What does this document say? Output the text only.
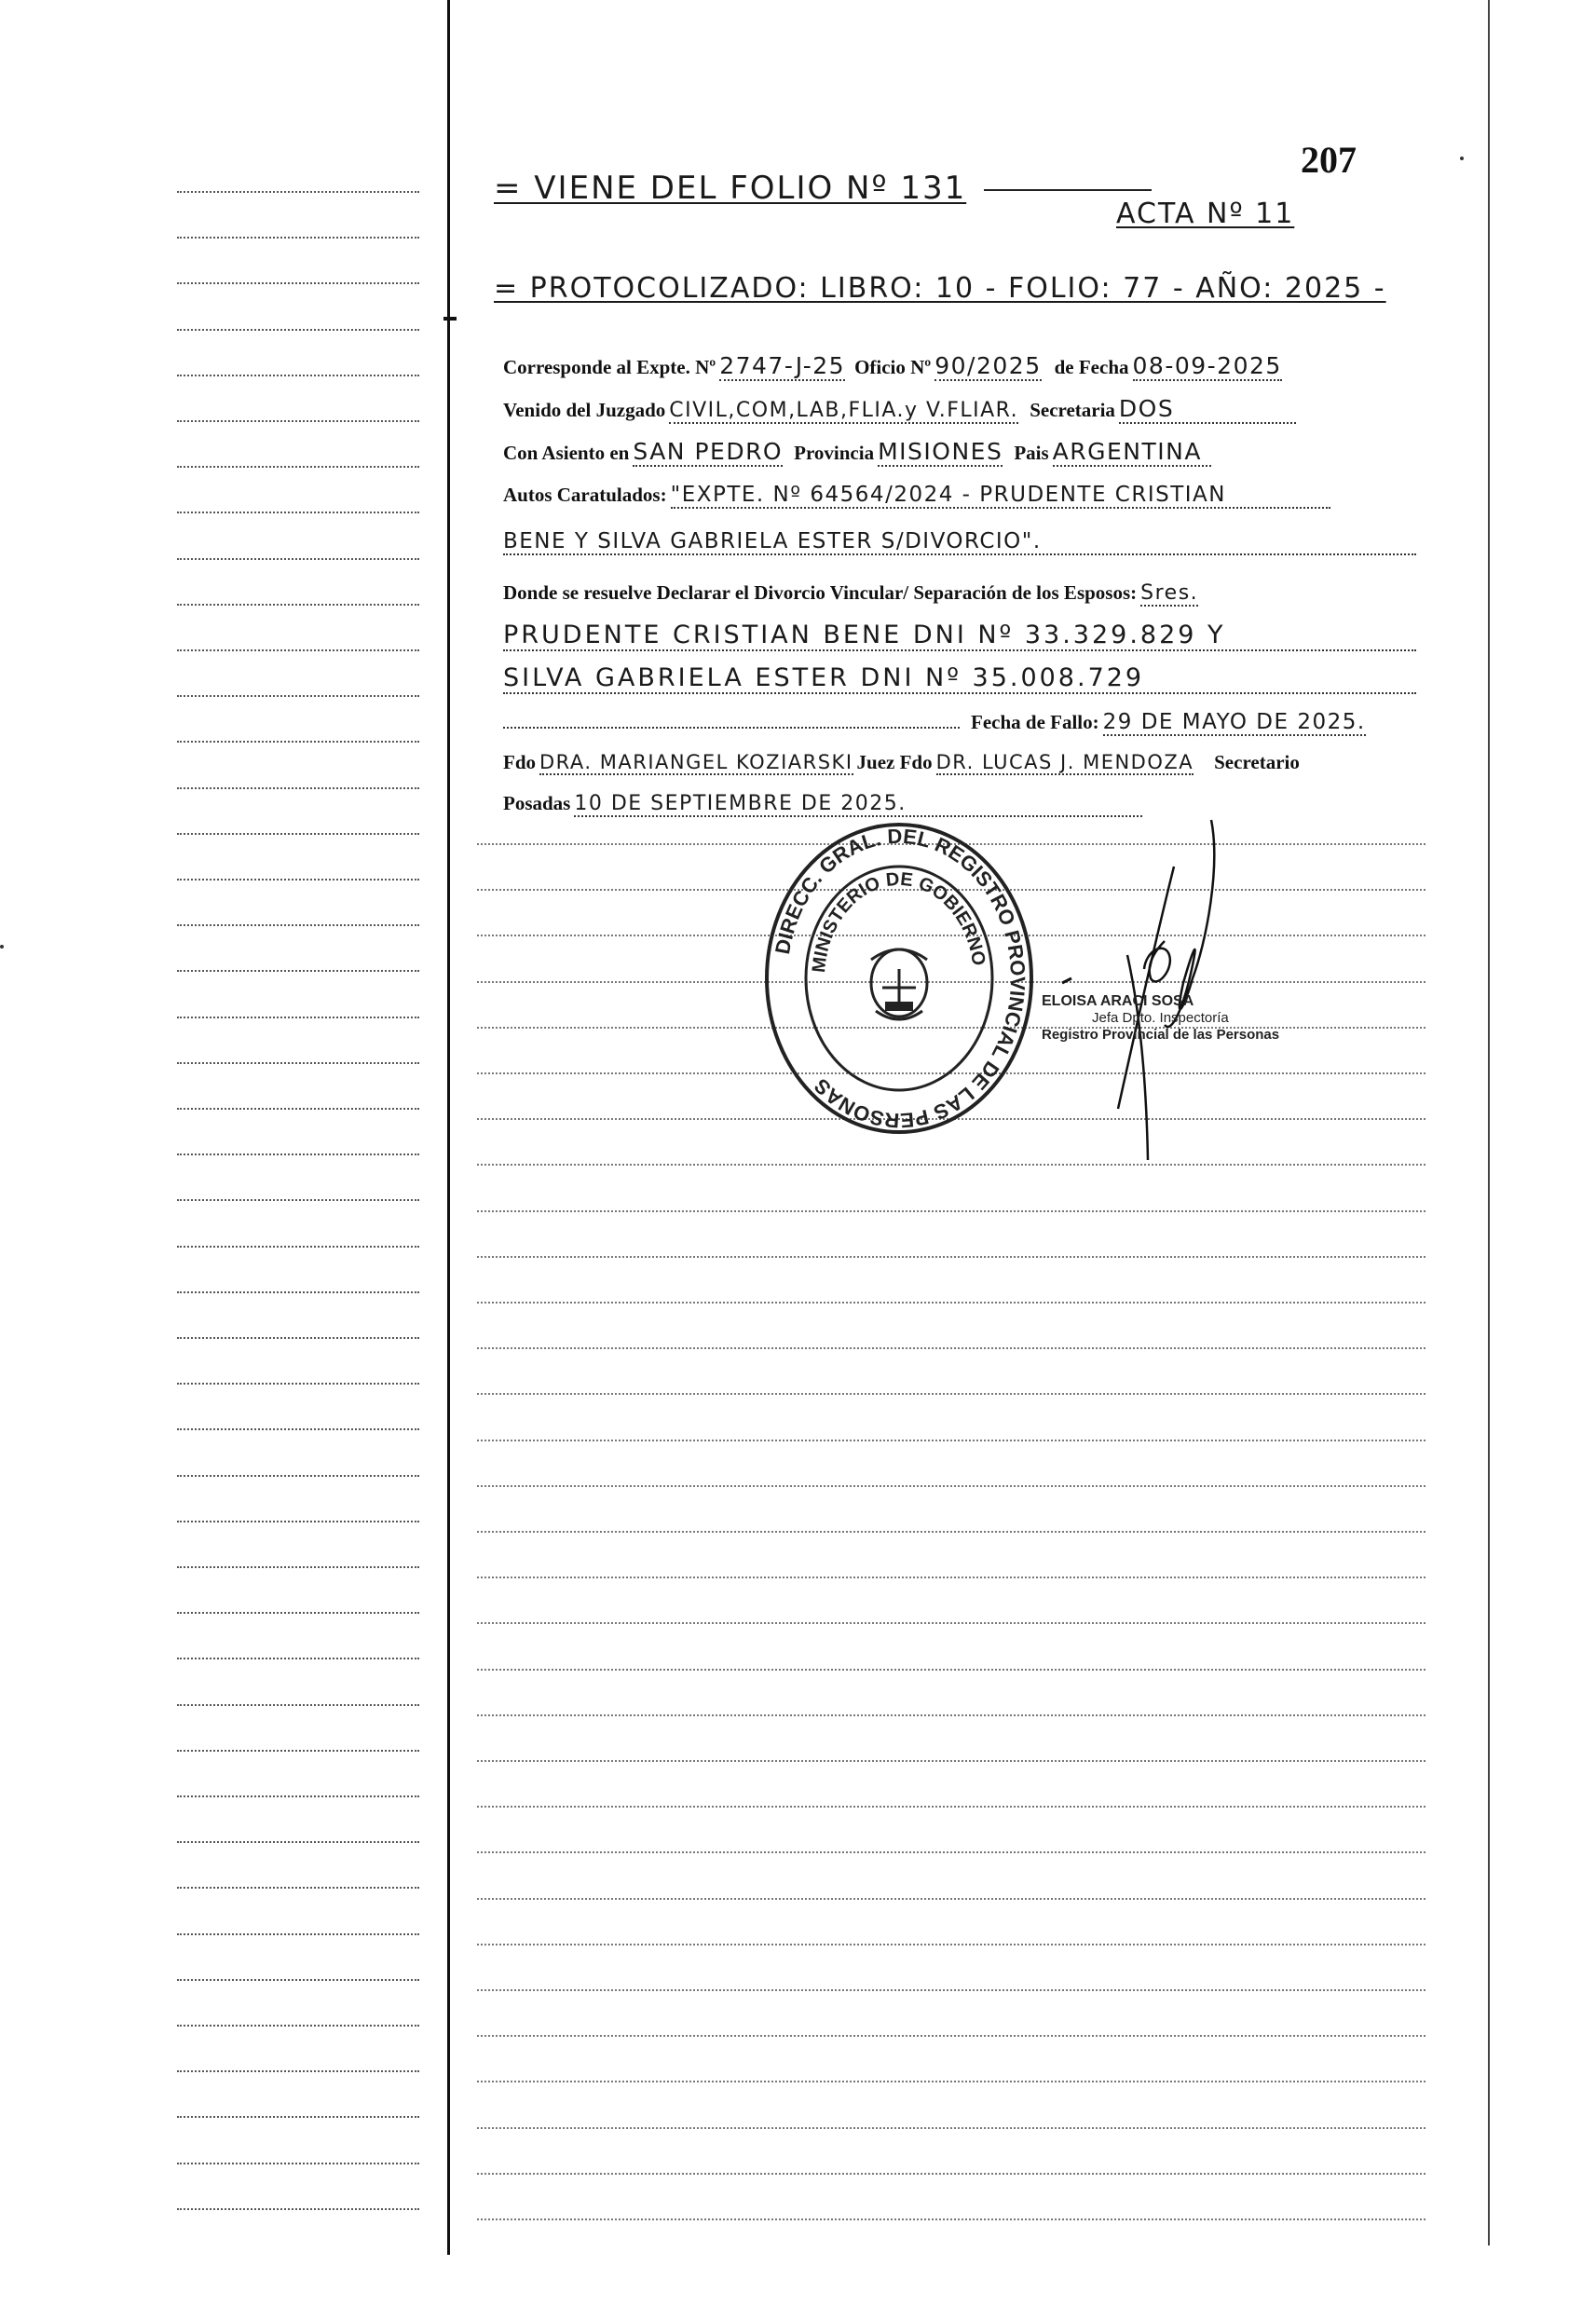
207
= VIENE DEL FOLIO Nº 131
ACTA Nº 11
= PROTOCOLIZADO: LIBRO: 10 - FOLIO: 77 - AÑO: 2025 -
Corresponde al Expte. Nº 2747-J-25 Oficio Nº 90/2025 de Fecha 08-09-2025
Venido del Juzgado CIVIL,COM,LAB,FLIA.y V.FLIAR. Secretaria DOS
Con Asiento en SAN PEDRO Provincia MISIONES Pais ARGENTINA
Autos Caratulados: "EXPTE. Nº 64564/2024 - PRUDENTE CRISTIAN
BENE Y SILVA GABRIELA ESTER S/DIVORCIO".
Donde se resuelve Declarar el Divorcio Vincular/ Separación de los Esposos: Sres.
PRUDENTE CRISTIAN BENE DNI Nº 33.329.829 Y
SILVA GABRIELA ESTER DNI Nº 35.008.729
Fecha de Fallo: 29 DE MAYO DE 2025.
Fdo DRA. MARIANGEL KOZIARSKI Juez Fdo DR. LUCAS J. MENDOZA Secretario
Posadas 10 DE SEPTIEMBRE DE 2025.
DIRECC. GRAL. DEL REGISTRO PROVINCIAL DE LAS PERSONAS
MINISTERIO DE GOBIERNO
ELOISA ARACI SOSA
Jefa Dpto. Inspectoría
Registro Provincial de las Personas
